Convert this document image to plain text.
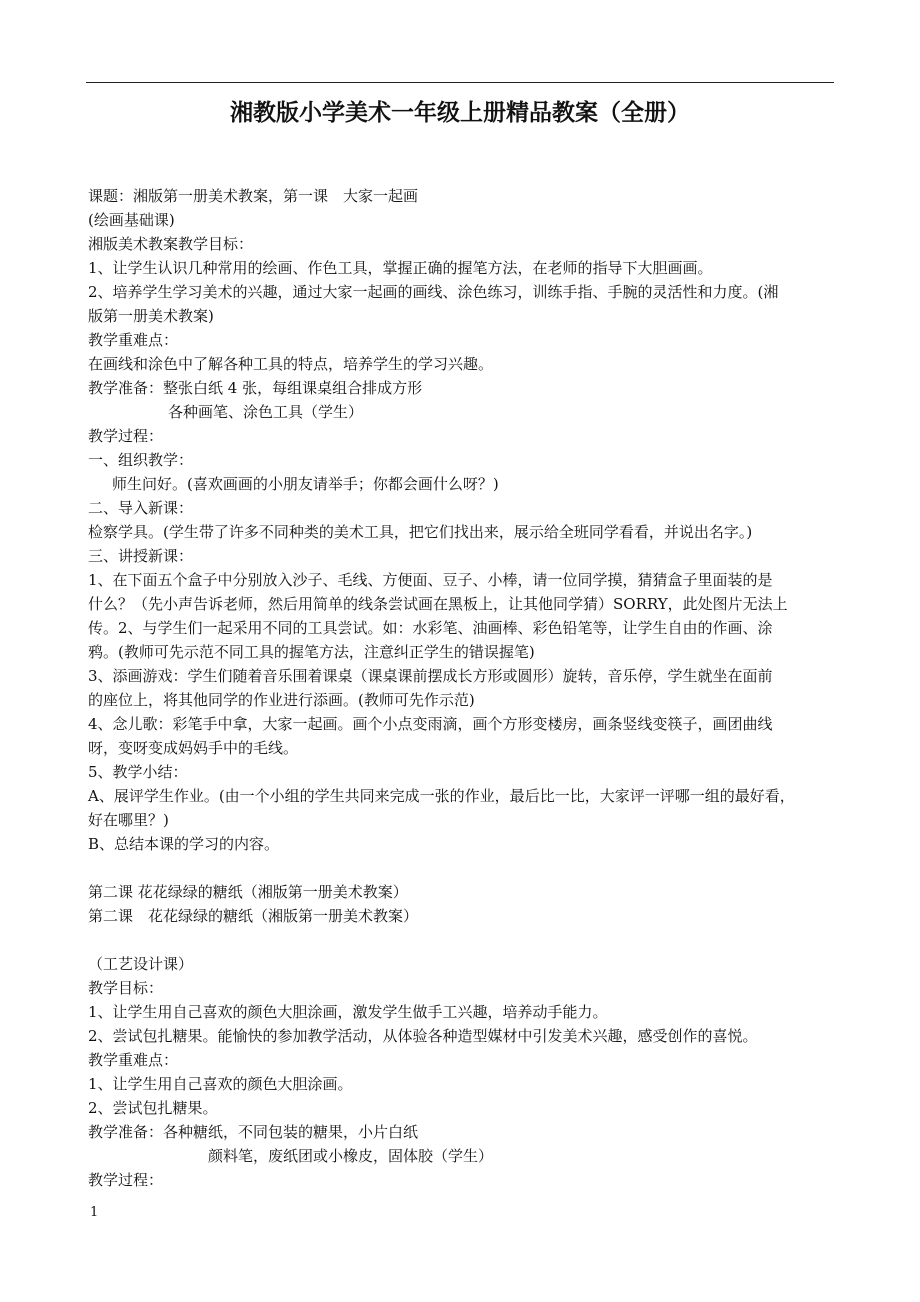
湘教版小学美术一年级上册精品教案（全册）
课题：湘版第一册美术教案，第一课　大家一起画
(绘画基础课)
湘版美术教案教学目标：
1、让学生认识几种常用的绘画、作色工具，掌握正确的握笔方法，在老师的指导下大胆画画。
2、培养学生学习美术的兴趣，通过大家一起画的画线、涂色练习，训练手指、手腕的灵活性和力度。(湘
版第一册美术教案)
教学重难点：
在画线和涂色中了解各种工具的特点，培养学生的学习兴趣。
教学准备：整张白纸 4 张，每组课桌组合排成方形
各种画笔、涂色工具（学生）
教学过程：
一、组织教学：
师生问好。(喜欢画画的小朋友请举手；你都会画什么呀？)
二、导入新课：
检察学具。(学生带了许多不同种类的美术工具，把它们找出来，展示给全班同学看看，并说出名字。)
三、讲授新课：
1、在下面五个盒子中分别放入沙子、毛线、方便面、豆子、小棒，请一位同学摸，猜猜盒子里面装的是
什么？（先小声告诉老师，然后用简单的线条尝试画在黑板上，让其他同学猜）SORRY，此处图片无法上
传。2、与学生们一起采用不同的工具尝试。如：水彩笔、油画棒、彩色铅笔等，让学生自由的作画、涂
鸦。(教师可先示范不同工具的握笔方法，注意纠正学生的错误握笔)
3、添画游戏：学生们随着音乐围着课桌（课桌课前摆成长方形或圆形）旋转，音乐停，学生就坐在面前
的座位上，将其他同学的作业进行添画。(教师可先作示范)
4、念儿歌：彩笔手中拿，大家一起画。画个小点变雨滴，画个方形变楼房，画条竖线变筷子，画团曲线
呀，变呀变成妈妈手中的毛线。
5、教学小结：
A、展评学生作业。(由一个小组的学生共同来完成一张的作业，最后比一比，大家评一评哪一组的最好看，
好在哪里？)
B、总结本课的学习的内容。
第二课 花花绿绿的糖纸（湘版第一册美术教案）
第二课　花花绿绿的糖纸（湘版第一册美术教案）
（工艺设计课）
教学目标：
1、让学生用自己喜欢的颜色大胆涂画，激发学生做手工兴趣，培养动手能力。
2、尝试包扎糖果。能愉快的参加教学活动，从体验各种造型媒材中引发美术兴趣，感受创作的喜悦。
教学重难点：
1、让学生用自己喜欢的颜色大胆涂画。
2、尝试包扎糖果。
教学准备：各种糖纸，不同包装的糖果，小片白纸
颜料笔，废纸团或小橡皮，固体胶（学生）
教学过程：
1
